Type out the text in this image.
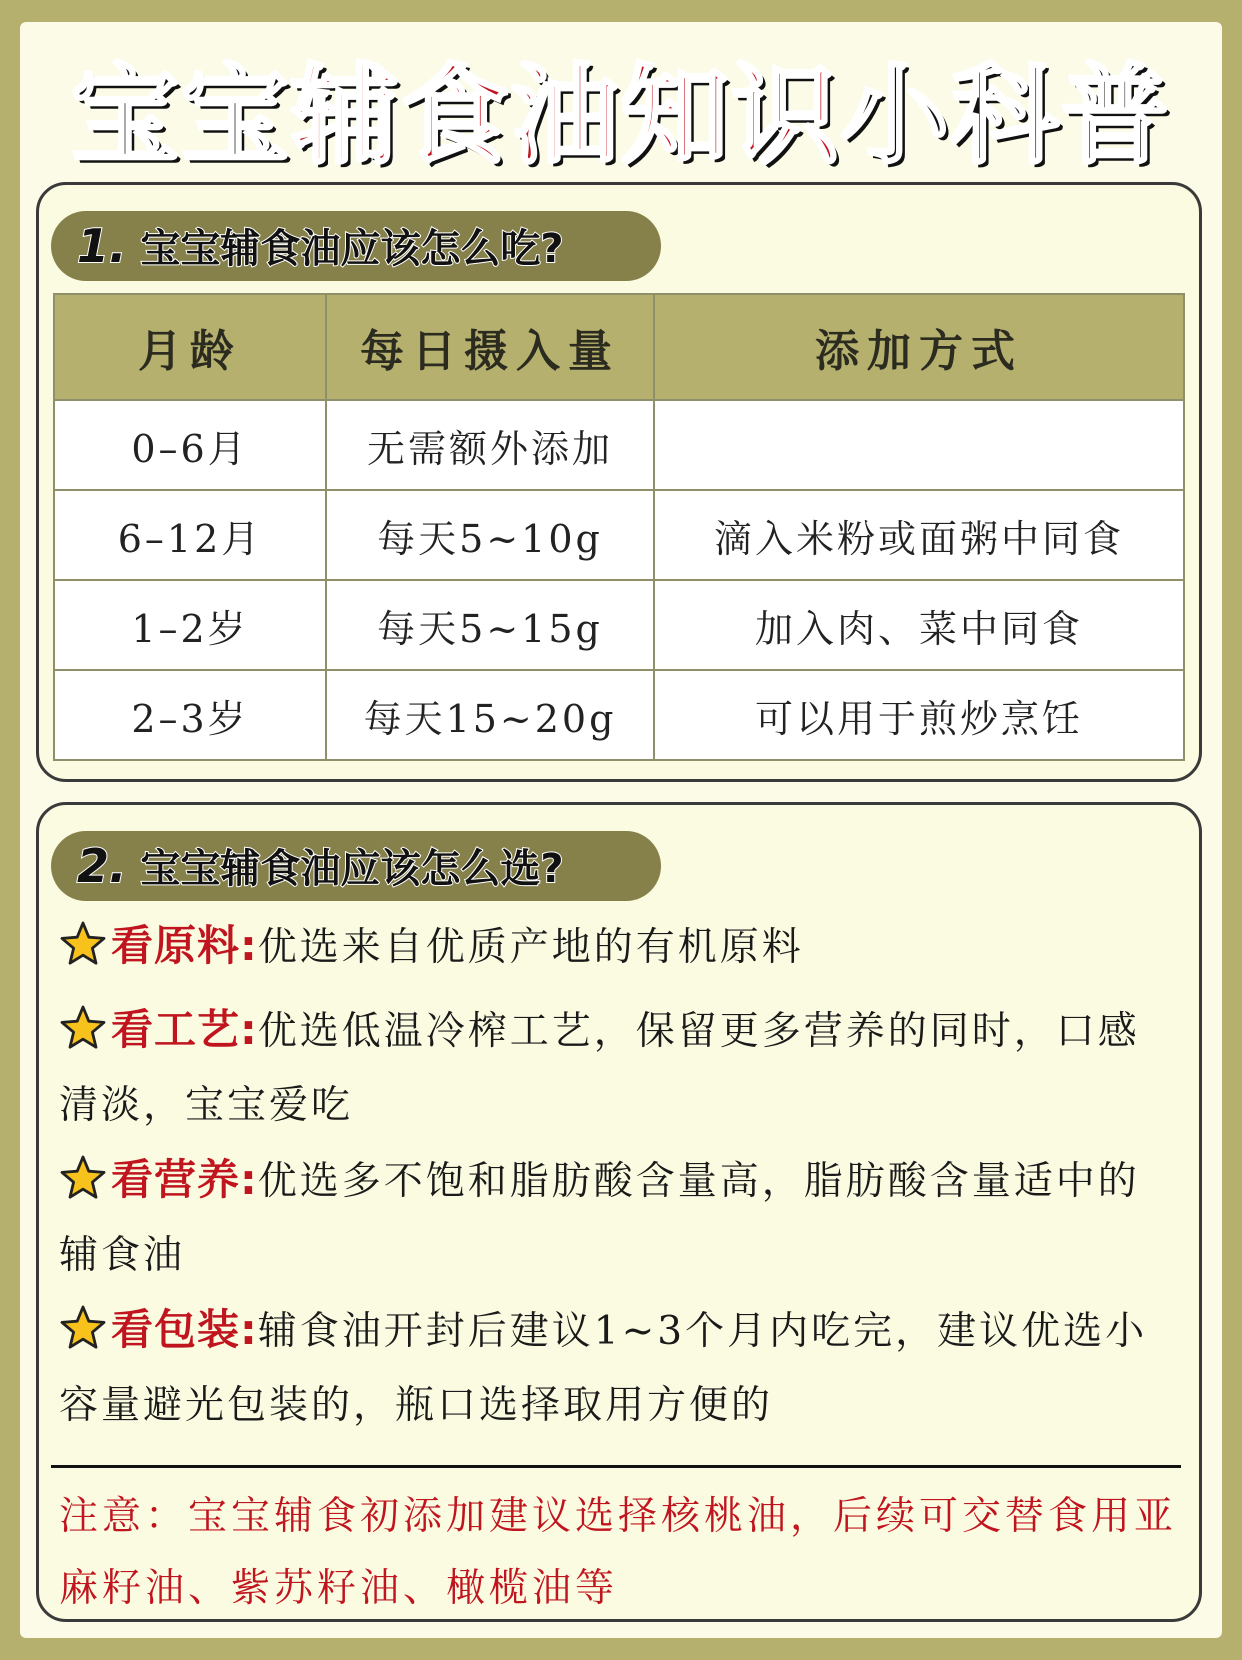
宝宝 辅食油知识 小科普
1. 宝宝辅食油应该怎么吃?
月龄	每日摄入量	添加方式
0–6月	无需额外添加	
6–12月	每天5~10g	滴入米粉或面粥中同食
1–2岁	每天5~15g	加入肉、菜中同食
2–3岁	每天15~20g	可以用于煎炒烹饪
2. 宝宝辅食油应该怎么选?
看原料:优选来自优质产地的有机原料
看工艺:优选低温冷榨工艺，保留更多营养的同时，口感清淡，宝宝爱吃
看营养:优选多不饱和脂肪酸含量高，脂肪酸含量适中的辅食油
看包装:辅食油开封后建议1~3个月内吃完，建议优选小容量避光包装的，瓶口选择取用方便的
注意：宝宝辅食初添加建议选择核桃油，后续可交替食用亚麻籽油、紫苏籽油、橄榄油等
